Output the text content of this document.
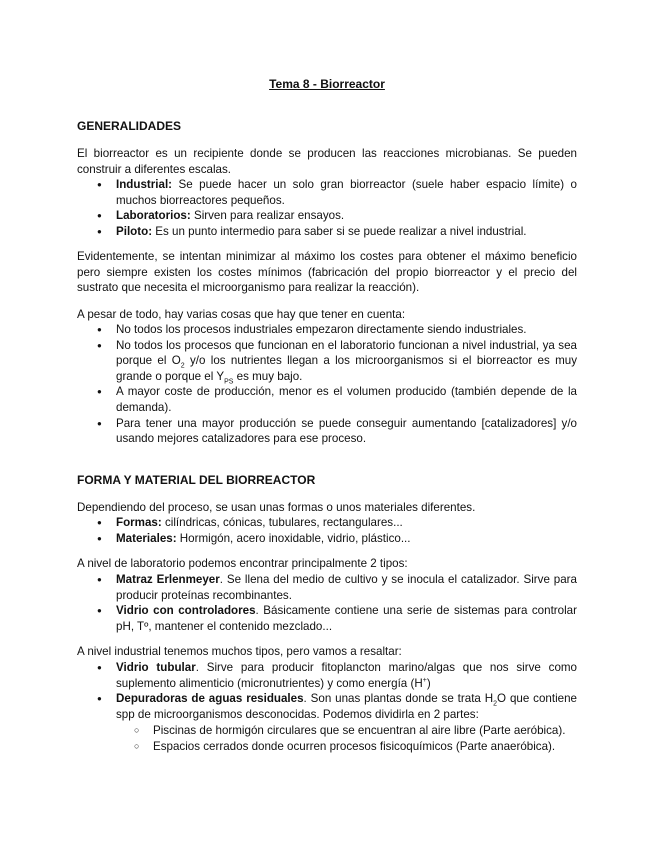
Tema 8 - Biorreactor
GENERALIDADES
El biorreactor es un recipiente donde se producen las reacciones microbianas. Se pueden construir a diferentes escalas.
● Industrial: Se puede hacer un solo gran biorreactor (suele haber espacio límite) o muchos biorreactores pequeños.
● Laboratorios: Sirven para realizar ensayos.
● Piloto: Es un punto intermedio para saber si se puede realizar a nivel industrial.
Evidentemente, se intentan minimizar al máximo los costes para obtener el máximo beneficio pero siempre existen los costes mínimos (fabricación del propio biorreactor y el precio del sustrato que necesita el microorganismo para realizar la reacción).
A pesar de todo, hay varias cosas que hay que tener en cuenta:
● No todos los procesos industriales empezaron directamente siendo industriales.
● No todos los procesos que funcionan en el laboratorio funcionan a nivel industrial, ya sea porque el $O_2$ y/o los nutrientes llegan a los microorganismos si el biorreactor es muy grande o porque el $Y_{PS}$ es muy bajo.
● A mayor coste de producción, menor es el volumen producido (también depende de la demanda).
● Para tener una mayor producción se puede conseguir aumentando [catalizadores] y/o usando mejores catalizadores para ese proceso.
FORMA Y MATERIAL DEL BIORREACTOR
Dependiendo del proceso, se usan unas formas o unos materiales diferentes.
● Formas: cilíndricas, cónicas, tubulares, rectangulares...
● Materiales: Hormigón, acero inoxidable, vidrio, plástico...
A nivel de laboratorio podemos encontrar principalmente 2 tipos:
● Matraz Erlenmeyer. Se llena del medio de cultivo y se inocula el catalizador. Sirve para producir proteínas recombinantes.
● Vidrio con controladores. Básicamente contiene una serie de sistemas para controlar pH, Tº, mantener el contenido mezclado...
A nivel industrial tenemos muchos tipos, pero vamos a resaltar:
● Vidrio tubular. Sirve para producir fitoplancton marino/algas que nos sirve como suplemento alimenticio (micronutrientes) y como energía (H+)
● Depuradoras de aguas residuales. Son unas plantas donde se trata $H_2O$ que contiene spp de microorganismos desconocidas. Podemos dividirla en 2 partes:
○ Piscinas de hormigón circulares que se encuentran al aire libre (Parte aeróbica).
○ Espacios cerrados donde ocurren procesos fisicoquímicos (Parte anaeróbica).
